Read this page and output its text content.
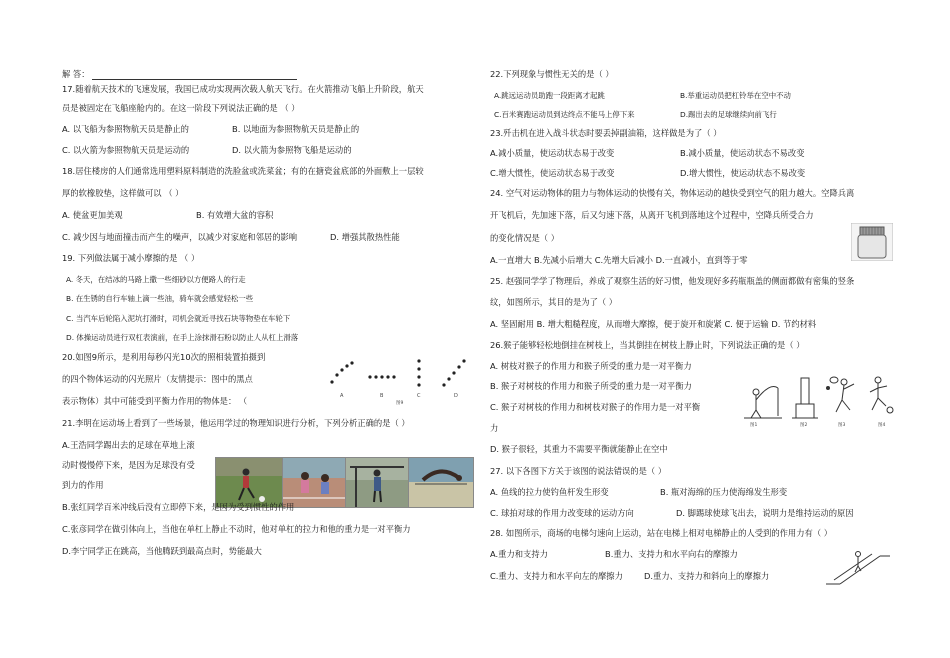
解 答：
17.随着航天技术的飞速发展，我国已成功实现两次载人航天飞行。在火箭推动飞船上升阶段，航天
员是被固定在飞船座舱内的。在这一阶段下列说法正确的是 （ ）
A. 以飞船为参照物航天员是静止的	B. 以地面为参照物航天员是静止的
C. 以火箭为参照物航天员是运动的	D. 以火箭为参照物飞船是运动的
18.居住楼房的人们通常选用塑料原料制造的洗脸盆或洗菜盆；有的在搪瓷盆底部的外面敷上一层较
厚的软橡胶垫，这样做可以 （ ）
A. 使盆更加美观	B. 有效增大盆的容积
C. 减少因与地面撞击而产生的噪声，以减少对家庭和邻居的影响	D. 增强其散热性能
19. 下列做法属于减小摩擦的是 （ ）
A. 冬天，在结冰的马路上撒一些细砂以方便路人的行走
B. 在生锈的自行车轴上滴一些油，骑车就会感觉轻松一些
C. 当汽车后轮陷入泥坑打滑时，司机会就近寻找石块等物垫在车轮下
D. 体操运动员进行双杠表演前，在手上涂抹滑石粉以防止人从杠上滑落
20.如图9所示，是利用每秒闪光10次的照相装置拍摄到
的四个物体运动的闪光照片（友情提示：图中的黑点
表示物体）其中可能受到平衡力作用的物体是： （	A	B	C	D
图9
21.李明在运动场上看到了一些场景，他运用学过的物理知识进行分析，下列分析正确的是（ ）
A.王浩同学踢出去的足球在草地上滚
动时慢慢停下来，是因为足球没有受
到力的作用
B.张红同学百米冲线后没有立即停下来，是因为受到惯性的作用
C.张彦同学在做引体向上，当他在单杠上静止不动时，他对单杠的拉力和他的重力是一对平衡力
D.李宁同学正在跳高，当他腾跃到最高点时，势能最大
22.下列现象与惯性无关的是（ ）
A.跳远运动员助跑一段距离才起跳	B.举重运动员把杠铃举在空中不动
C.百米赛跑运动员到达终点不能马上停下来	D.踢出去的足球继续向前飞行
23.歼击机在进入战斗状态时要丢掉副油箱，这样做是为了（ ）
A.减小质量，使运动状态易于改变	B.减小质量，使运动状态不易改变
C.增大惯性，使运动状态易于改变	D.增大惯性，使运动状态不易改变
24. 空气对运动物体的阻力与物体运动的快慢有关，物体运动的越快受到空气的阻力越大。空降兵离
开飞机后，先加速下落，后又匀速下落，从离开飞机到落地这个过程中，空降兵所受合力
的变化情况是（ ）
A.一直增大 B.先减小后增大 C.先增大后减小 D.一直减小，直到等于零
25. 赵强同学学了物理后，养成了观察生活的好习惯，他发现好多药瓶瓶盖的侧面都做有密集的竖条
纹，如图所示，其目的是为了（ ）
A. 坚固耐用 B. 增大粗糙程度，从而增大摩擦，便于旋开和旋紧 C. 便于运输 D. 节约材料
26.猴子能够轻松地倒挂在树枝上，当其倒挂在树枝上静止时，下列说法正确的是（ ）
A. 树枝对猴子的作用力和猴子所受的重力是一对平衡力
B. 猴子对树枝的作用力和猴子所受的重力是一对平衡力
C. 猴子对树枝的作用力和树枝对猴子的作用力是一对平衡
力
D. 猴子很轻，其重力不需要平衡就能静止在空中
图1	图2	图3	图4
27. 以下各图下方关于该图的说法错误的是（ ）
A. 鱼线的拉力使钓鱼杆发生形变	B. 瓶对海绵的压力使海绵发生形变
C. 球拍对球的作用力改变球的运动方向	D. 脚踢球使球飞出去，说明力是维持运动的原因
28. 如图所示，商场的电梯匀速向上运动，站在电梯上相对电梯静止的人受到的作用力有（ ）
A.重力和支持力	B.重力、支持力和水平向右的摩擦力
C.重力、支持力和水平向左的摩擦力	D.重力、支持力和斜向上的摩擦力
